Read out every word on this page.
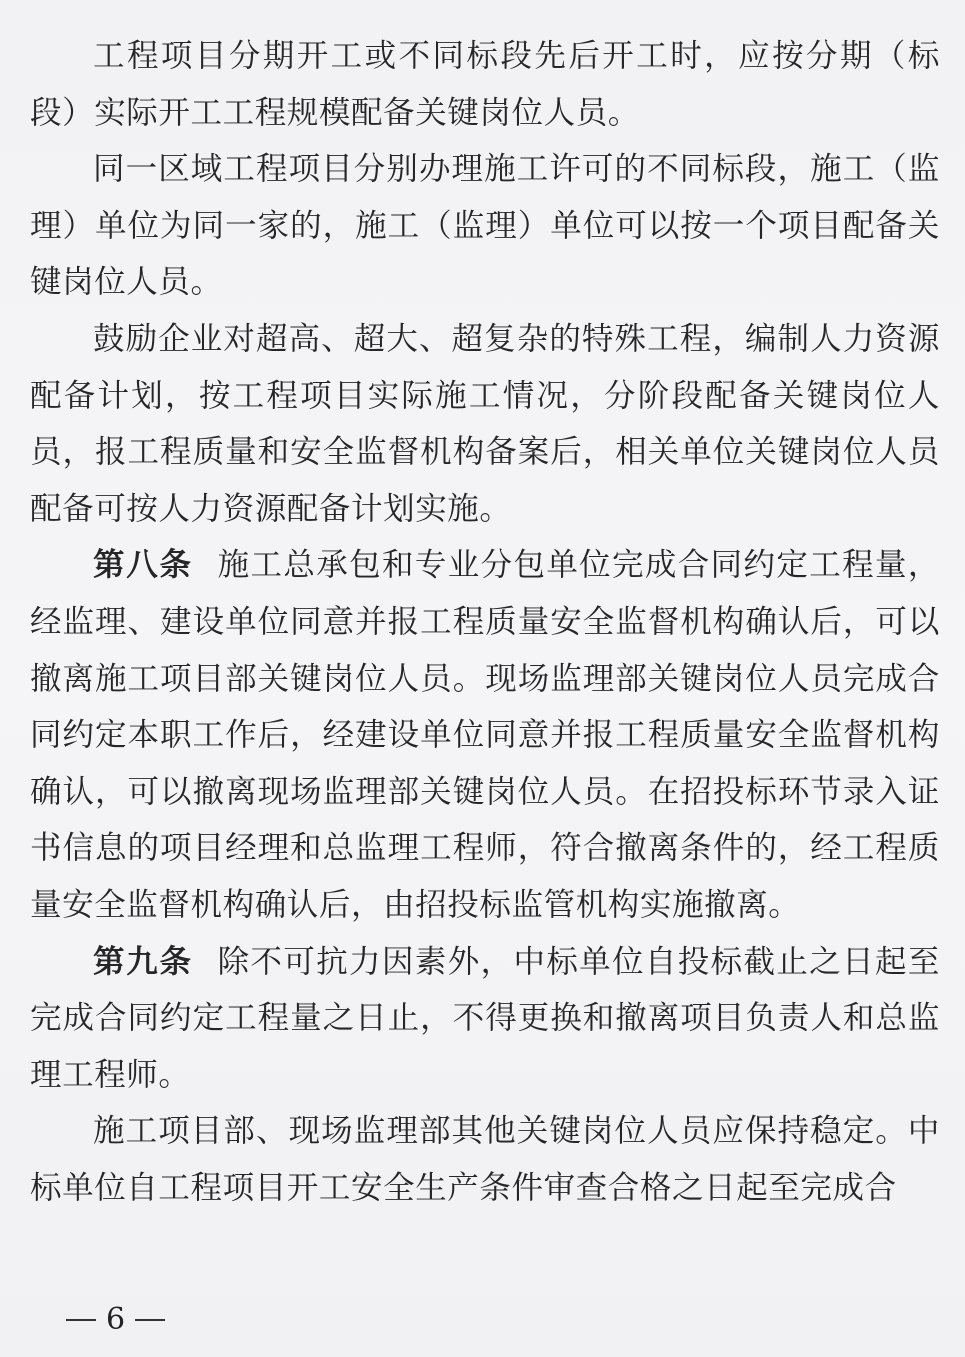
工程项目分期开工或不同标段先后开工时，应按分期（标段）实际开工工程规模配备关键岗位人员。

同一区域工程项目分别办理施工许可的不同标段，施工（监理）单位为同一家的，施工（监理）单位可以按一个项目配备关键岗位人员。

鼓励企业对超高、超大、超复杂的特殊工程，编制人力资源配备计划，按工程项目实际施工情况，分阶段配备关键岗位人员，报工程质量和安全监督机构备案后，相关单位关键岗位人员配备可按人力资源配备计划实施。

第八条 施工总承包和专业分包单位完成合同约定工程量，经监理、建设单位同意并报工程质量安全监督机构确认后，可以撤离施工项目部关键岗位人员。现场监理部关键岗位人员完成合同约定本职工作后，经建设单位同意并报工程质量安全监督机构确认，可以撤离现场监理部关键岗位人员。在招投标环节录入证书信息的项目经理和总监理工程师，符合撤离条件的，经工程质量安全监督机构确认后，由招投标监管机构实施撤离。

第九条 除不可抗力因素外，中标单位自投标截止之日起至完成合同约定工程量之日止，不得更换和撤离项目负责人和总监理工程师。

施工项目部、现场监理部其他关键岗位人员应保持稳定。中标单位自工程项目开工安全生产条件审查合格之日起至完成合

6
